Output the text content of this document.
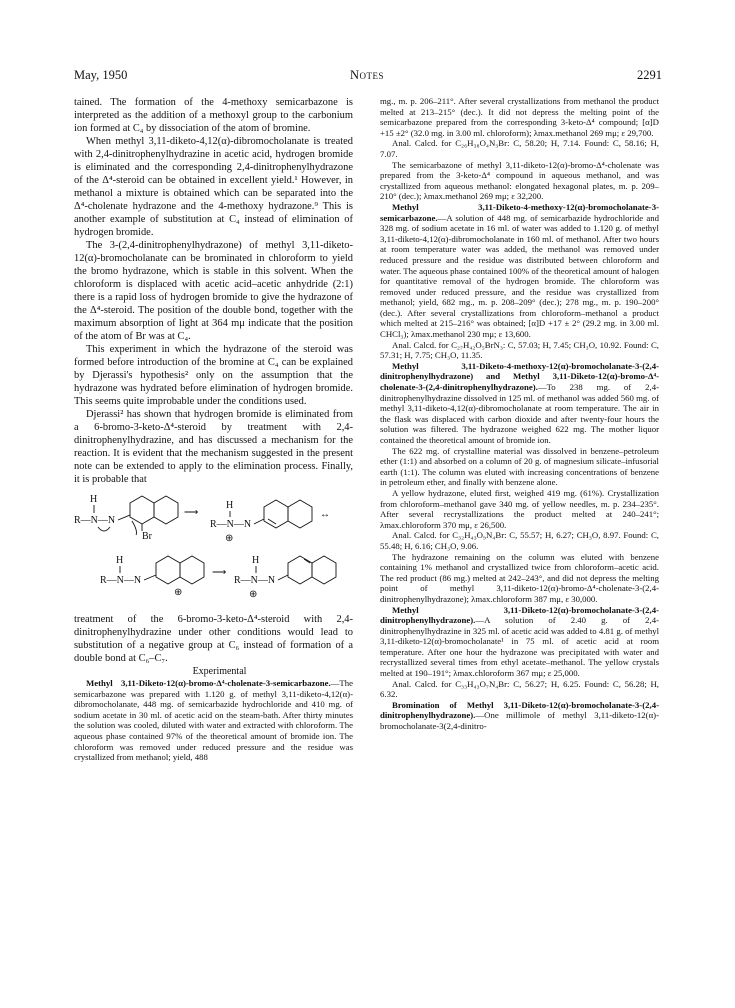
May, 1950	Notes	2291

tained. The formation of the 4-methoxy semicarbazone is interpreted as the addition of a methoxyl group to the carbonium ion formed at C₄ by dissociation of the atom of bromine.

When methyl 3,11-diketo-4,12(α)-dibromocholanate is treated with 2,4-dinitrophenylhydrazine in acetic acid, hydrogen bromide is eliminated and the corresponding 2,4-dinitrophenylhydrazone of the Δ⁴-steroid can be obtained in excellent yield.¹ However, in methanol a mixture is obtained which can be separated into the Δ⁴-cholenate hydrazone and the 4-methoxy hydrazone.⁹ This is another example of substitution at C₄ instead of elimination of hydrogen bromide.

The 3-(2,4-dinitrophenylhydrazone) of methyl 3,11-diketo-12(α)-bromocholanate can be brominated in chloroform to yield the bromo hydrazone, which is stable in this solvent. When the chloroform is displaced with acetic acid–acetic anhydride (2:1) there is a rapid loss of hydrogen bromide to give the hydrazone of the Δ⁴-steroid. The position of the double bond, together with the maximum absorption of light at 364 mμ indicate that the position of the atom of Br was at C₄.

This experiment in which the hydrazone of the steroid was formed before introduction of the bromine at C₄ can be explained by Djerassi's hypothesis² only on the assumption that the hydrazone was hydrated before elimination of hydrogen bromide. This seems quite improbable under the conditions used.

Djerassi² has shown that hydrogen bromide is eliminated from a 6-bromo-3-keto-Δ⁴-steroid by treatment with 2,4-dinitrophenylhydrazine, and has discussed a mechanism for the reaction. It is evident that the mechanism suggested in the present note can be extended to apply to the elimination process. Finally, it is probable that

H
R—N—N
Br
⟶
H
R—N—N
⊕
↔
H
R—N—N
⊕
⟶
H
R—N—N
⊕

treatment of the 6-bromo-3-keto-Δ⁴-steroid with 2,4-dinitrophenylhydrazine under other conditions would lead to substitution of a negative group at C₆ instead of formation of a double bond at C₆–C₇.

Experimental

Methyl 3,11-Diketo-12(α)-bromo-Δ⁴-cholenate-3-semicarbazone.—The semicarbazone was prepared with 1.120 g. of methyl 3,11-diketo-4,12(α)-dibromocholanate, 448 mg. of semicarbazide hydrochloride and 410 mg. of sodium acetate in 30 ml. of acetic acid on the steam-bath. After thirty minutes the solution was cooled, diluted with water and extracted with chloroform. The aqueous phase contained 97% of the theoretical amount of bromide ion. The chloroform was removed under reduced pressure and the residue was crystallized from methanol; yield, 488

mg., m. p. 206–211°. After several crystallizations from methanol the product melted at 213–215° (dec.). It did not depress the melting point of the semicarbazone prepared from the corresponding 3-keto-Δ⁴ compound; [α]D +15 ±2° (32.0 mg. in 3.00 ml. chloroform); λmax.methanol 269 mμ; ε 29,700.

Anal. Calcd. for C₂₆H₃₈O₄N₃Br: C, 58.20; H, 7.14. Found: C, 58.16; H, 7.07.

The semicarbazone of methyl 3,11-diketo-12(α)-bromo-Δ⁴-cholenate was prepared from the 3-keto-Δ⁴ compound in aqueous methanol, and was crystallized from aqueous methanol: elongated hexagonal plates, m. p. 209–210° (dec.); λmax.methanol 269 mμ; ε 32,200.

Methyl 3,11-Diketo-4-methoxy-12(α)-bromocholanate-3-semicarbazone.—A solution of 448 mg. of semicarbazide hydrochloride and 328 mg. of sodium acetate in 16 ml. of water was added to 1.120 g. of methyl 3,11-diketo-4,12(α)-dibromocholanate in 160 ml. of methanol. After two hours at room temperature water was added, the methanol was removed under reduced pressure and the residue was distributed between chloroform and water. The aqueous phase contained 100% of the theoretical amount of halogen for quantitative removal of the hydrogen bromide. The chloroform was removed under reduced pressure, and the residue was crystallized from methanol; yield, 682 mg., m. p. 208–209° (dec.); 278 mg., m. p. 190–200° (dec.). After several crystallizations from chloroform–methanol a product which melted at 215–216° was obtained; [α]D +17 ± 2° (29.2 mg. in 3.00 ml. CHCl₃); λmax.methanol 230 mμ; ε 13,600.

Anal. Calcd. for C₂₇H₄₂O₅BrN₃: C, 57.03; H, 7.45; CH₃O, 10.92. Found: C, 57.31; H, 7.75; CH₃O, 11.35.

Methyl 3,11-Diketo-4-methoxy-12(α)-bromocholanate-3-(2,4-dinitrophenylhydrazone) and Methyl 3,11-Diketo-12(α)-bromo-Δ⁴-cholenate-3-(2,4-dinitrophenylhydrazone).—To 238 mg. of 2,4-dinitrophenylhydrazine dissolved in 125 ml. of methanol was added 560 mg. of methyl 3,11-diketo-4,12(α)-dibromocholanate at room temperature. The air in the flask was displaced with carbon dioxide and after twenty-four hours the solution was filtered. The hydrazone weighed 622 mg. The mother liquor contained the theoretical amount of bromide ion.

The 622 mg. of crystalline material was dissolved in benzene–petroleum ether (1:1) and absorbed on a column of 20 g. of magnesium silicate–infusorial earth (1:1). The column was eluted with increasing concentrations of benzene in petroleum ether, and finally with benzene alone.

A yellow hydrazone, eluted first, weighed 419 mg. (61%). Crystallization from chloroform–methanol gave 340 mg. of yellow needles, m. p. 234–235°. After several recrystallizations the product melted at 240–241°; λmax.chloroform 370 mμ, ε 26,500.

Anal. Calcd. for C₃₂H₄₃O₉N₄Br: C, 55.57; H, 6.27; CH₃O, 8.97. Found: C, 55.48; H, 6.16; CH₃O, 9.06.

The hydrazone remaining on the column was eluted with benzene containing 1% methanol and crystallized twice from chloroform–acetic acid. The red product (86 mg.) melted at 242–243°, and did not depress the melting point of methyl 3,11-diketo-12(α)-bromo-Δ⁴-cholenate-3-(2,4-dinitrophenylhydrazone); λmax.chloroform 387 mμ, ε 30,000.

Methyl 3,11-Diketo-12(α)-bromocholanate-3-(2,4-dinitrophenylhydrazone).—A solution of 2.40 g. of 2,4-dinitrophenylhydrazine in 325 ml. of acetic acid was added to 4.81 g. of methyl 3,11-diketo-12(α)-bromocholanate¹ in 75 ml. of acetic acid at room temperature. After one hour the hydrazone was precipitated with water and recrystallized several times from ethyl acetate–methanol. The yellow crystals melted at 190–191°; λmax.chloroform 367 mμ; ε 25,000.

Anal. Calcd. for C₃₃H₄₃O₇N₄Br: C, 56.27; H, 6.25. Found: C, 56.28; H, 6.32.

Bromination of Methyl 3,11-Diketo-12(α)-bromocholanate-3-(2,4-dinitrophenylhydrazone).—One millimole of methyl 3,11-diketo-12(α)-bromocholanate-3(2,4-dinitro-
